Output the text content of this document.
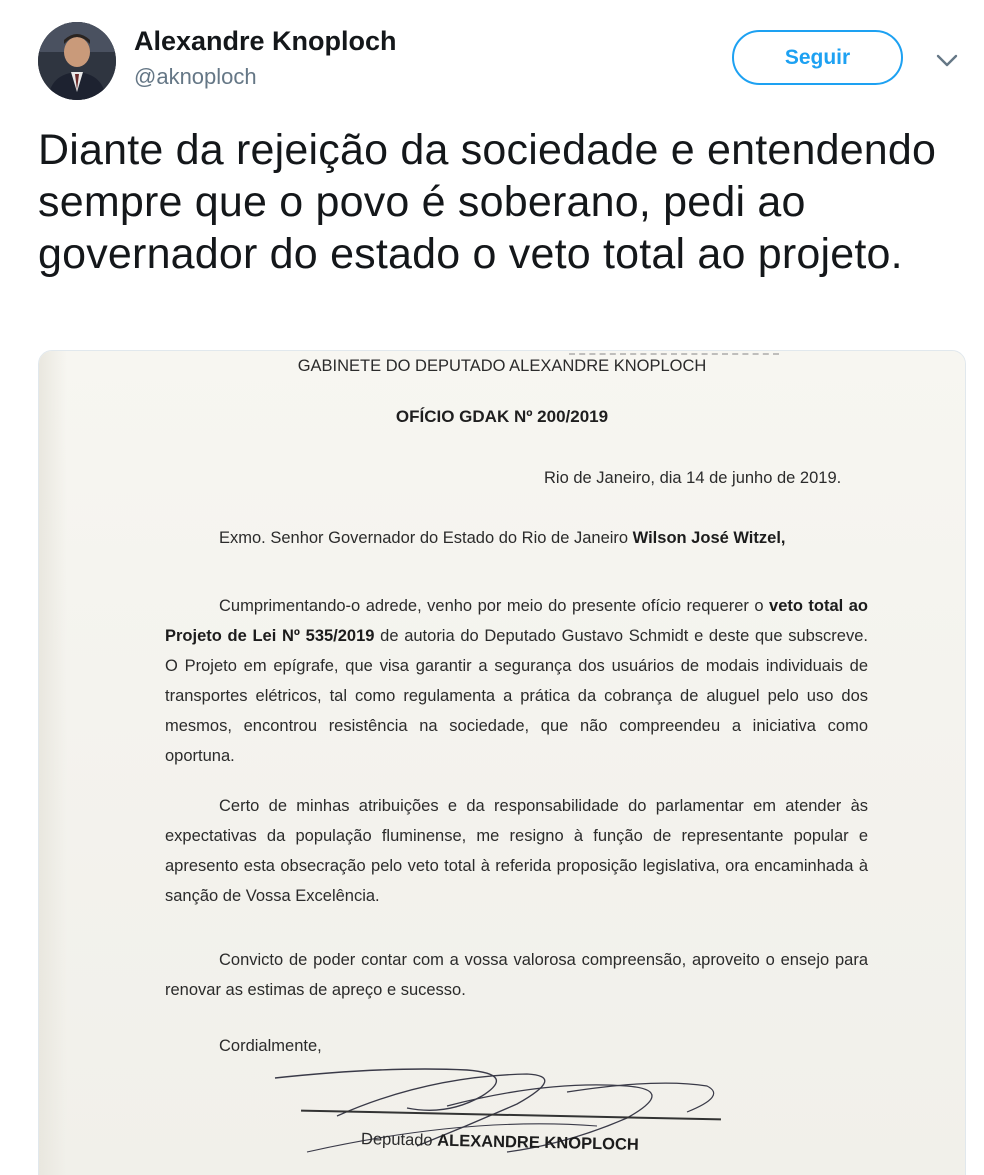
Alexandre Knoploch
@aknoploch
Seguir
Diante da rejeição da sociedade e entendendo sempre que o povo é soberano, pedi ao governador do estado o veto total ao projeto.
GABINETE DO DEPUTADO ALEXANDRE KNOPLOCH
OFÍCIO GDAK Nº 200/2019
Rio de Janeiro, dia 14 de junho de 2019.
Exmo. Senhor Governador do Estado do Rio de Janeiro Wilson José Witzel,
Cumprimentando-o adrede, venho por meio do presente ofício requerer o veto total ao Projeto de Lei Nº 535/2019 de autoria do Deputado Gustavo Schmidt e deste que subscreve. O Projeto em epígrafe, que visa garantir a segurança dos usuários de modais individuais de transportes elétricos, tal como regulamenta a prática da cobrança de aluguel pelo uso dos mesmos, encontrou resistência na sociedade, que não compreendeu a iniciativa como oportuna.
Certo de minhas atribuições e da responsabilidade do parlamentar em atender às expectativas da população fluminense, me resigno à função de representante popular e apresento esta obsecração pelo veto total à referida proposição legislativa, ora encaminhada à sanção de Vossa Excelência.
Convicto de poder contar com a vossa valorosa compreensão, aproveito o ensejo para renovar as estimas de apreço e sucesso.
Cordialmente,
Deputado ALEXANDRE KNOPLOCH
